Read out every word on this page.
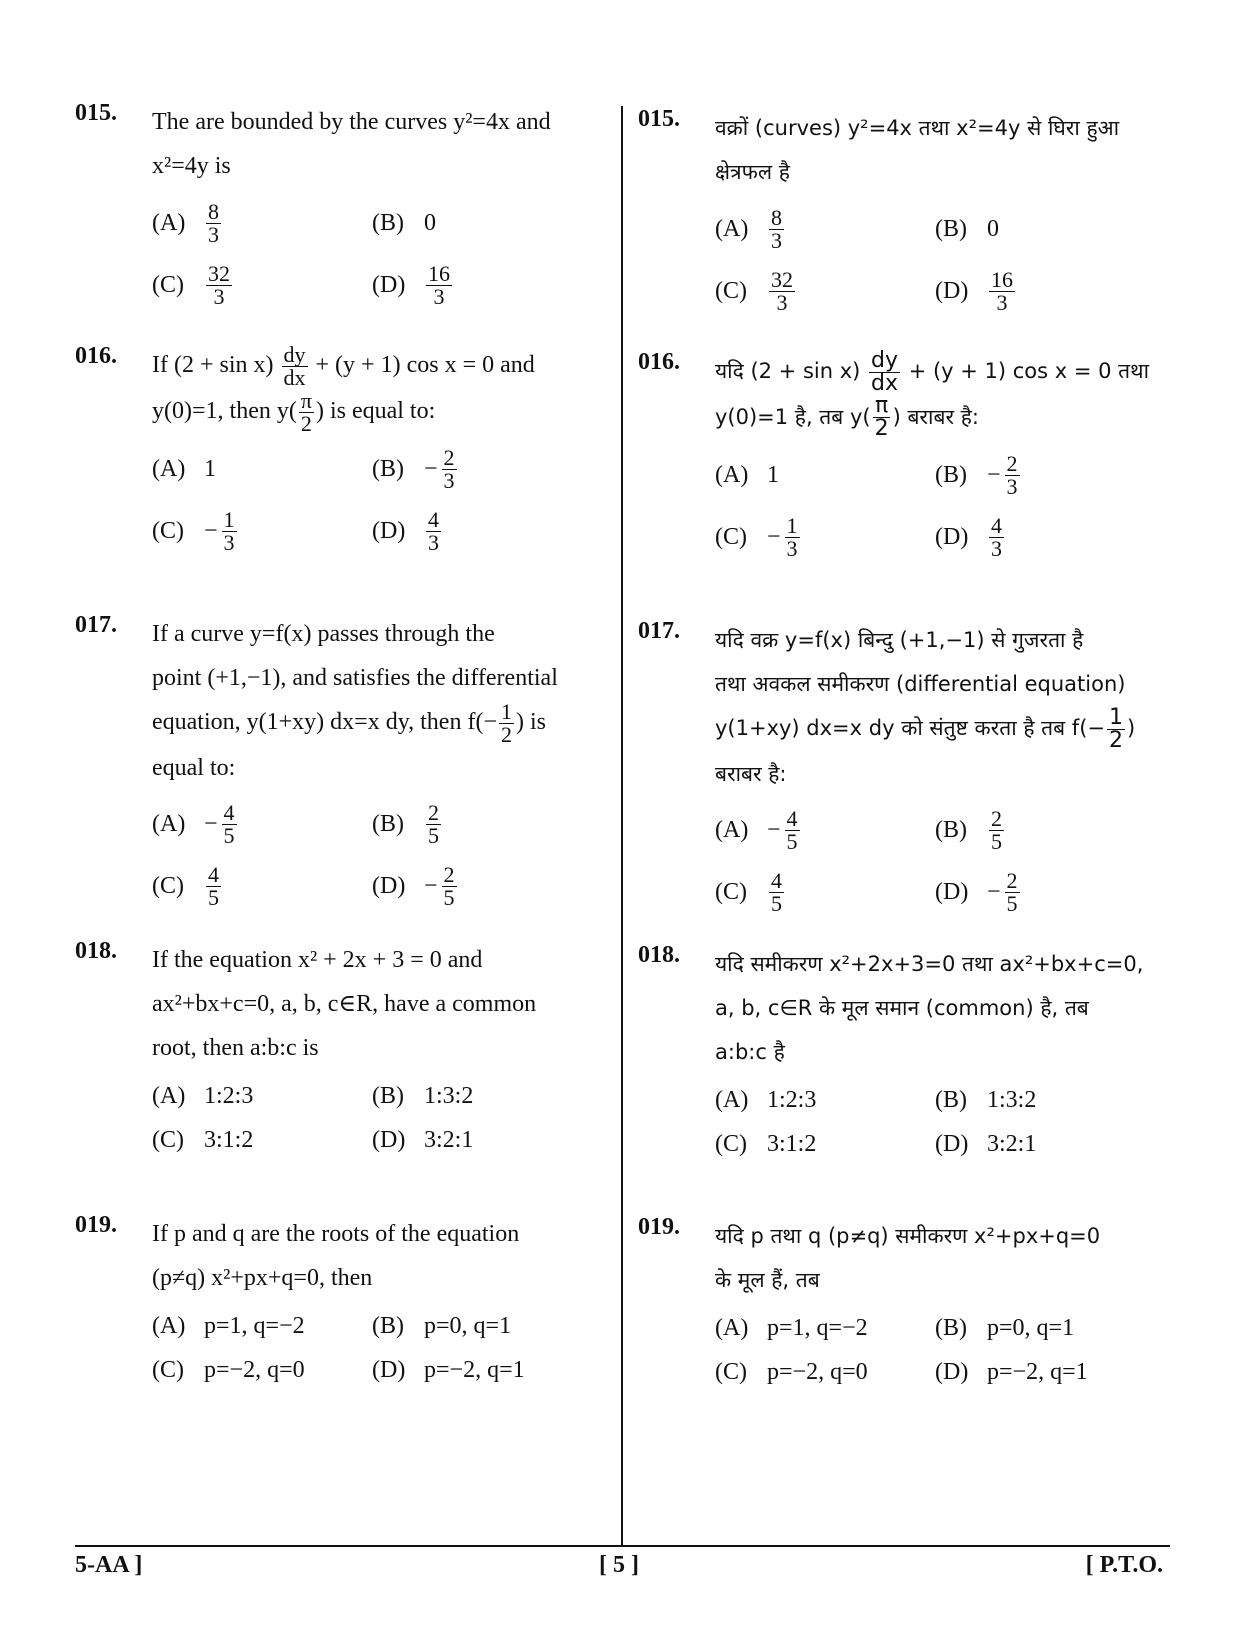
015. The are bounded by the curves y²=4x and
x²=4y is
$(A) \frac{8}{3}$	(B) 0
(C)	$\frac{32}{3}$	$(D) \frac{16}{3}$
016. If $(2 + \sin x) \frac{dy}{dx} + (y + 1)$ cos x = 0 and
y(0)=1, then $y( \frac{\pi}{2}$ ) is equal to:
(A) 1	$(B) - \frac{2}{3}$
$(C) - \frac{1}{3}$	$(D) \frac{4}{3}$
017. If a curve y=f(x) passes through the
point (+1,−1), and satisfies the differential
equation, y(1+xy) dx=x dy, then $f(- \frac{1}{2}$ ) is
equal to:
$(A) - \frac{4}{5}$	(B)	$\frac{2}{5}$
(C)	$\frac{4}{5}$	$(D) - \frac{2}{5}$
018. If the equation x² + 2x + 3 = 0 and
ax²+bx+c=0, a, b, c∈R, have a common
root, then a:b:c is
(A) 1:2:3	(B) 1:3:2
(C) 3:1:2	(D) 3:2:1
019. If p and q are the roots of the equation
(p≠q) x²+px+q=0, then
(A) p=1, q=−2	(B) p=0, q=1
(C) p=−2, q=0	(D) p=−2, q=1
015. वक्रों (curves) y²=4x तथा x²=4y से घिरा हुआ
क्षेत्रफल है
$(A) \frac{8}{3}$	(B) 0
(C)	$\frac{32}{3}$	$(D) \frac{16}{3}$
016. यदि $(2 + \sin x) \frac{dy}{dx} + (y + 1)$ cos x = 0 तथा
y(0)=1 है, तब $y( \frac{\pi}{2}$ ) बराबर है:
(A) 1	$(B) - \frac{2}{3}$
$(C) - \frac{1}{3}$	$(D) \frac{4}{3}$
017. यदि वक्र y=f(x) बिन्दु (+1,−1) से गुजरता है
तथा अवकल समीकरण (differential equation)
y(1+xy) dx=x dy को संतुष्ट करता है तब $f(- \frac{1}{2}$ )
बराबर है:
$(A) - \frac{4}{5}$	(B)	$\frac{2}{5}$
(C)	$\frac{4}{5}$	$(D) - \frac{2}{5}$
018. यदि समीकरण x²+2x+3=0 तथा ax²+bx+c=0,
a, b, c∈R के मूल समान (common) है, तब
a:b:c है
(A) 1:2:3	(B) 1:3:2
(C) 3:1:2	(D) 3:2:1
019. यदि p तथा q (p≠q) समीकरण x²+px+q=0
के मूल हैं, तब
(A) p=1, q=−2	(B) p=0, q=1
(C) p=−2, q=0	(D) p=−2, q=1
5-AA ]	[ 5 ]	[ P.T.O.
